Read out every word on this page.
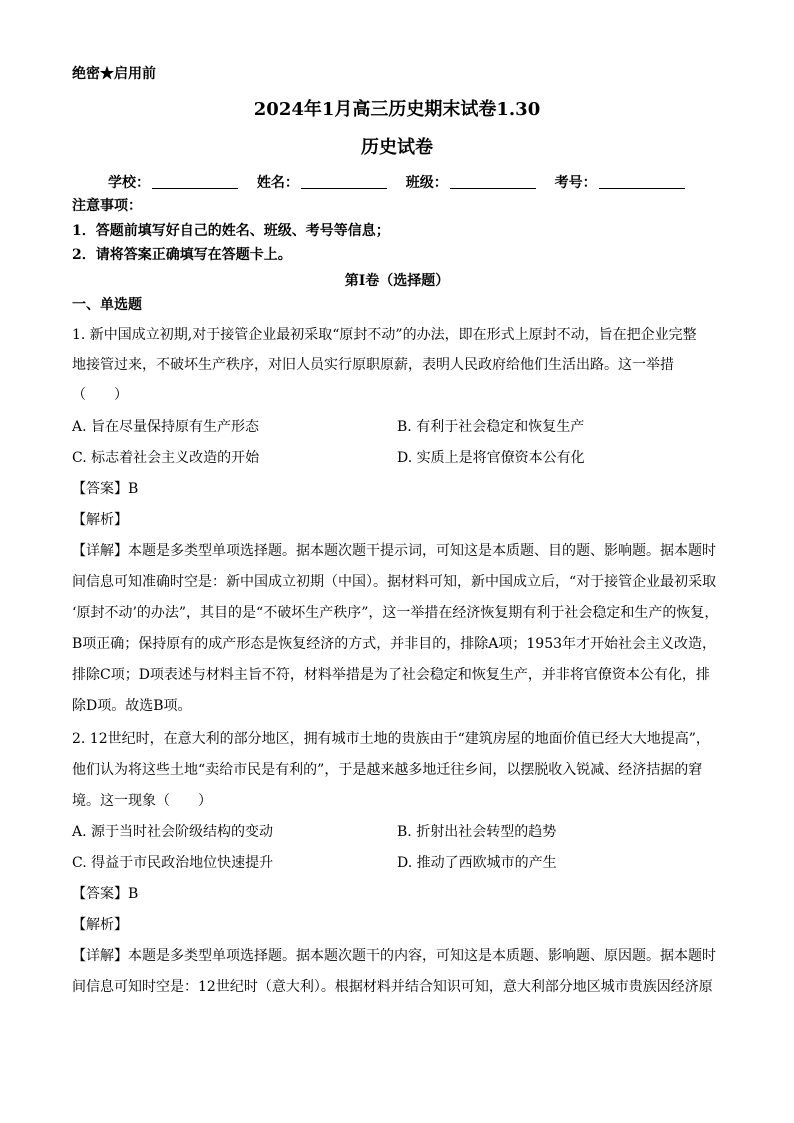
绝密★启用前
2024年1月高三历史期末试卷1.30
历史试卷
学校：	姓名：	班级：	考号：
注意事项：
1．答题前填写好自己的姓名、班级、考号等信息；
2．请将答案正确填写在答题卡上。
第Ⅰ卷（选择题）
一、单选题
1. 新中国成立初期,对于接管企业最初采取“原封不动”的办法，即在形式上原封不动，旨在把企业完整
地接管过来，不破坏生产秩序，对旧人员实行原职原薪，表明人民政府给他们生活出路。这一举措
（　　）
A. 旨在尽量保持原有生产形态	B. 有利于社会稳定和恢复生产
C. 标志着社会主义改造的开始	D. 实质上是将官僚资本公有化
【答案】B
【解析】
【详解】本题是多类型单项选择题。据本题次题干提示词，可知这是本质题、目的题、影响题。据本题时
间信息可知准确时空是：新中国成立初期（中国）。据材料可知，新中国成立后，“对于接管企业最初采取
‘原封不动’的办法”，其目的是“不破坏生产秩序”，这一举措在经济恢复期有利于社会稳定和生产的恢复，
B项正确；保持原有的成产形态是恢复经济的方式，并非目的，排除A项；1953年才开始社会主义改造，
排除C项；D项表述与材料主旨不符，材料举措是为了社会稳定和恢复生产，并非将官僚资本公有化，排
除D项。故选B项。
2. 12世纪时，在意大利的部分地区，拥有城市土地的贵族由于“建筑房屋的地面价值已经大大地提高”，
他们认为将这些土地“卖给市民是有利的”，于是越来越多地迁往乡间，以摆脱收入锐减、经济拮据的窘
境。这一现象（　　）
A. 源于当时社会阶级结构的变动	B. 折射出社会转型的趋势
C. 得益于市民政治地位快速提升	D. 推动了西欧城市的产生
【答案】B
【解析】
【详解】本题是多类型单项选择题。据本题次题干的内容，可知这是本质题、影响题、原因题。据本题时
间信息可知时空是：12世纪时（意大利）。根据材料并结合知识可知，意大利部分地区城市贵族因经济原
